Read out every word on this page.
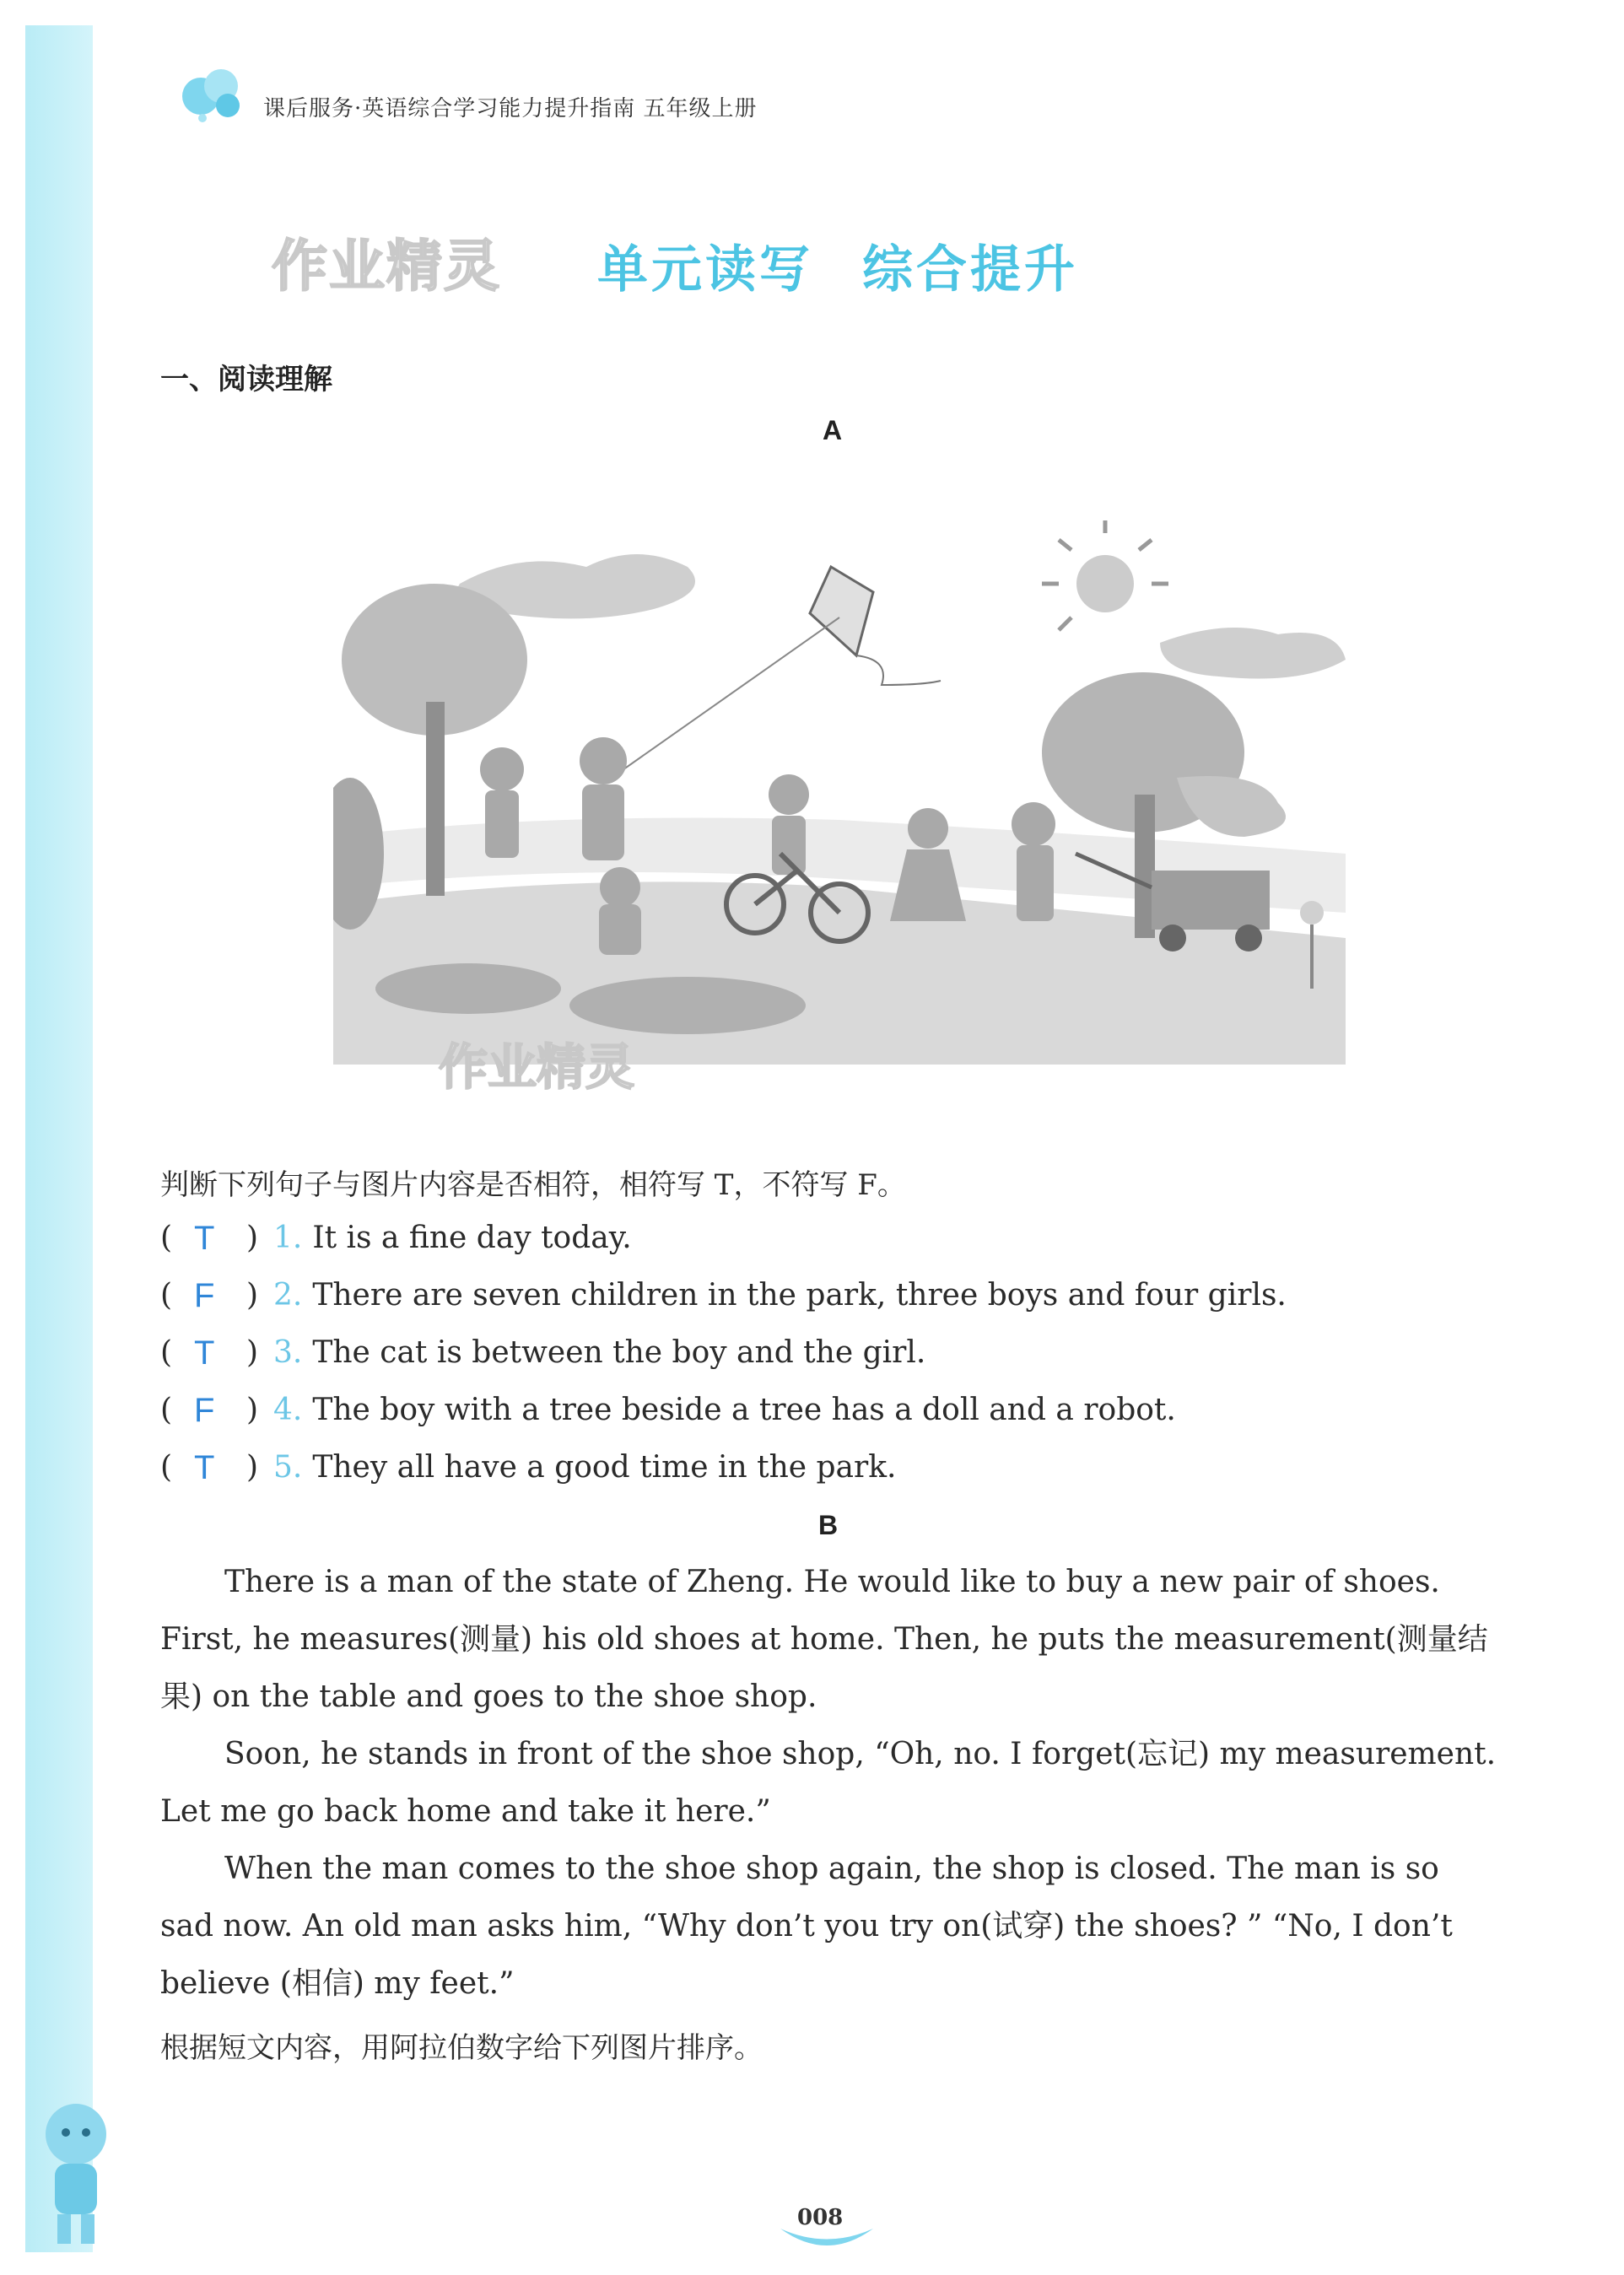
课后服务·英语综合学习能力提升指南 五年级上册
作业精灵 单元读写 综合提升
一、阅读理解
A
作业精灵
判断下列句子与图片内容是否相符，相符写 T，不符写 F。
( T ) 1. It is a fine day today.
( F ) 2. There are seven children in the park, three boys and four girls.
( T ) 3. The cat is between the boy and the girl.
( F ) 4. The boy with a tree beside a tree has a doll and a robot.
( T ) 5. They all have a good time in the park.
B
There is a man of the state of Zheng. He would like to buy a new pair of shoes. First, he measures(测量) his old shoes at home. Then, he puts the measurement(测量结果) on the table and goes to the shoe shop.
Soon, he stands in front of the shoe shop, “Oh, no. I forget(忘记) my measurement. Let me go back home and take it here.”
When the man comes to the shoe shop again, the shop is closed. The man is so sad now. An old man asks him, “Why don’t you try on(试穿) the shoes? ” “No, I don’t believe (相信) my feet.”
根据短文内容，用阿拉伯数字给下列图片排序。
008
